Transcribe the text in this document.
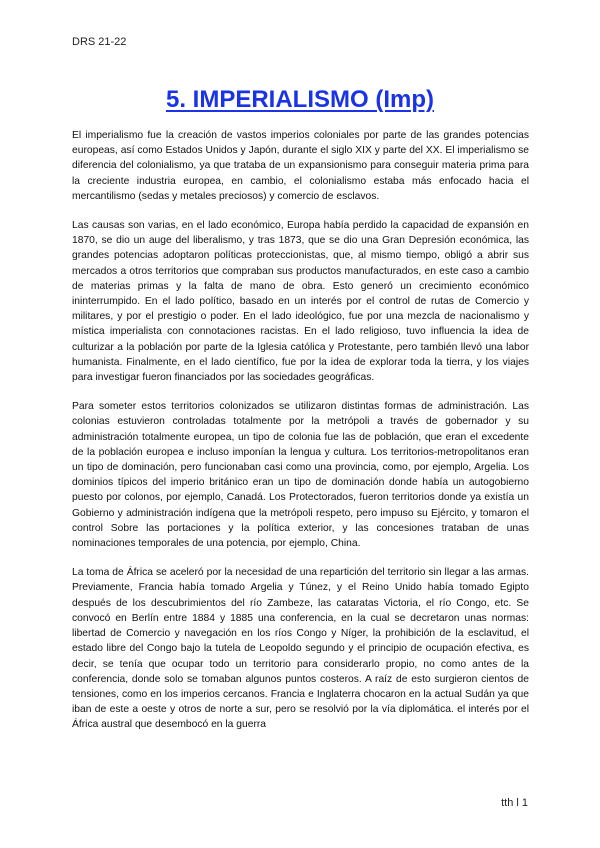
DRS 21-22
5. IMPERIALISMO (Imp)

El imperialismo fue la creación de vastos imperios coloniales por parte de las grandes potencias europeas, así como Estados Unidos y Japón, durante el siglo XIX y parte del XX. El imperialismo se diferencia del colonialismo, ya que trataba de un expansionismo para conseguir materia prima para la creciente industria europea, en cambio, el colonialismo estaba más enfocado hacia el mercantilismo (sedas y metales preciosos) y comercio de esclavos.

Las causas son varias, en el lado económico, Europa había perdido la capacidad de expansión en 1870, se dio un auge del liberalismo, y tras 1873, que se dio una Gran Depresión económica, las grandes potencias adoptaron políticas proteccionistas, que, al mismo tiempo, obligó a abrir sus mercados a otros territorios que compraban sus productos manufacturados, en este caso a cambio de materias primas y la falta de mano de obra. Esto generó un crecimiento económico ininterrumpido. En el lado político, basado en un interés por el control de rutas de Comercio y militares, y por el prestigio o poder. En el lado ideológico, fue por una mezcla de nacionalismo y mística imperialista con connotaciones racistas. En el lado religioso, tuvo influencia la idea de culturizar a la población por parte de la Iglesia católica y Protestante, pero también llevó una labor humanista. Finalmente, en el lado científico, fue por la idea de explorar toda la tierra, y los viajes para investigar fueron financiados por las sociedades geográficas.

Para someter estos territorios colonizados se utilizaron distintas formas de administración. Las colonias estuvieron controladas totalmente por la metrópoli a través de gobernador y su administración totalmente europea, un tipo de colonia fue las de población, que eran el excedente de la población europea e incluso imponían la lengua y cultura. Los territorios-metropolitanos eran un tipo de dominación, pero funcionaban casi como una provincia, como, por ejemplo, Argelia. Los dominios típicos del imperio británico eran un tipo de dominación donde había un autogobierno puesto por colonos, por ejemplo, Canadá. Los Protectorados, fueron territorios donde ya existía un Gobierno y administración indígena que la metrópoli respeto, pero impuso su Ejército, y tomaron el control Sobre las portaciones y la política exterior, y las concesiones trataban de unas nominaciones temporales de una potencia, por ejemplo, China.

La toma de África se aceleró por la necesidad de una repartición del territorio sin llegar a las armas. Previamente, Francia había tomado Argelia y Túnez, y el Reino Unido había tomado Egipto después de los descubrimientos del río Zambeze, las cataratas Victoria, el río Congo, etc. Se convocó en Berlín entre 1884 y 1885 una conferencia, en la cual se decretaron unas normas: libertad de Comercio y navegación en los ríos Congo y Níger, la prohibición de la esclavitud, el estado libre del Congo bajo la tutela de Leopoldo segundo y el principio de ocupación efectiva, es decir, se tenía que ocupar todo un territorio para considerarlo propio, no como antes de la conferencia, donde solo se tomaban algunos puntos costeros. A raíz de esto surgieron cientos de tensiones, como en los imperios cercanos. Francia e Inglaterra chocaron en la actual Sudán ya que iban de este a oeste y otros de norte a sur, pero se resolvió por la vía diplomática. el interés por el África austral que desembocó en la guerra

tth l 1
